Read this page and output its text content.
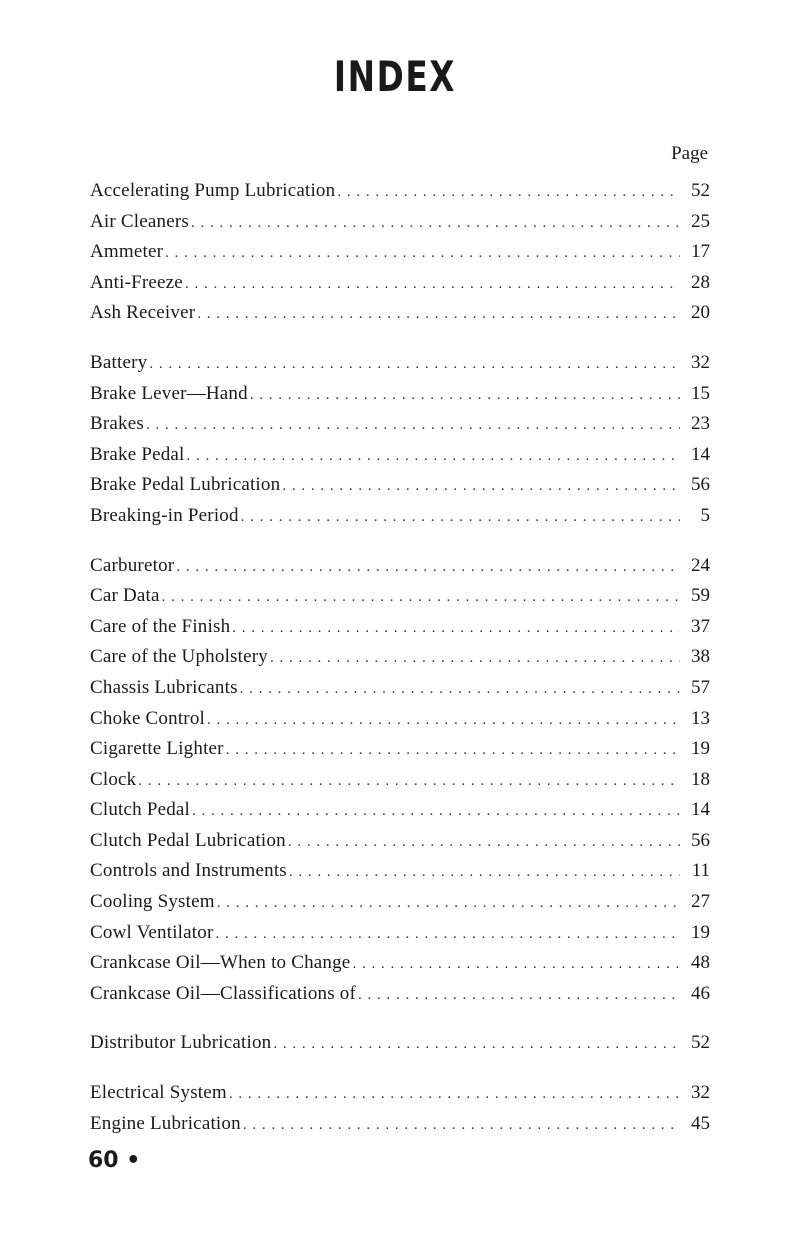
INDEX
Page
Accelerating Pump Lubrication . . .	52
Air Cleaners . . .	25
Ammeter . . .	17
Anti-Freeze . . .	28
Ash Receiver . . .	20
Battery . . .	32
Brake Lever—Hand . . .	15
Brakes . . .	23
Brake Pedal . . .	14
Brake Pedal Lubrication . . .	56
Breaking-in Period . . .	5
Carburetor . . .	24
Car Data . . .	59
Care of the Finish . . .	37
Care of the Upholstery . . .	38
Chassis Lubricants . . .	57
Choke Control . . .	13
Cigarette Lighter . . .	19
Clock . . .	18
Clutch Pedal . . .	14
Clutch Pedal Lubrication . . .	56
Controls and Instruments . . .	11
Cooling System . . .	27
Cowl Ventilator . . .	19
Crankcase Oil—When to Change . . .	48
Crankcase Oil—Classifications of . . .	46
Distributor Lubrication . . .	52
Electrical System . . .	32
Engine Lubrication . . .	45
60 •
